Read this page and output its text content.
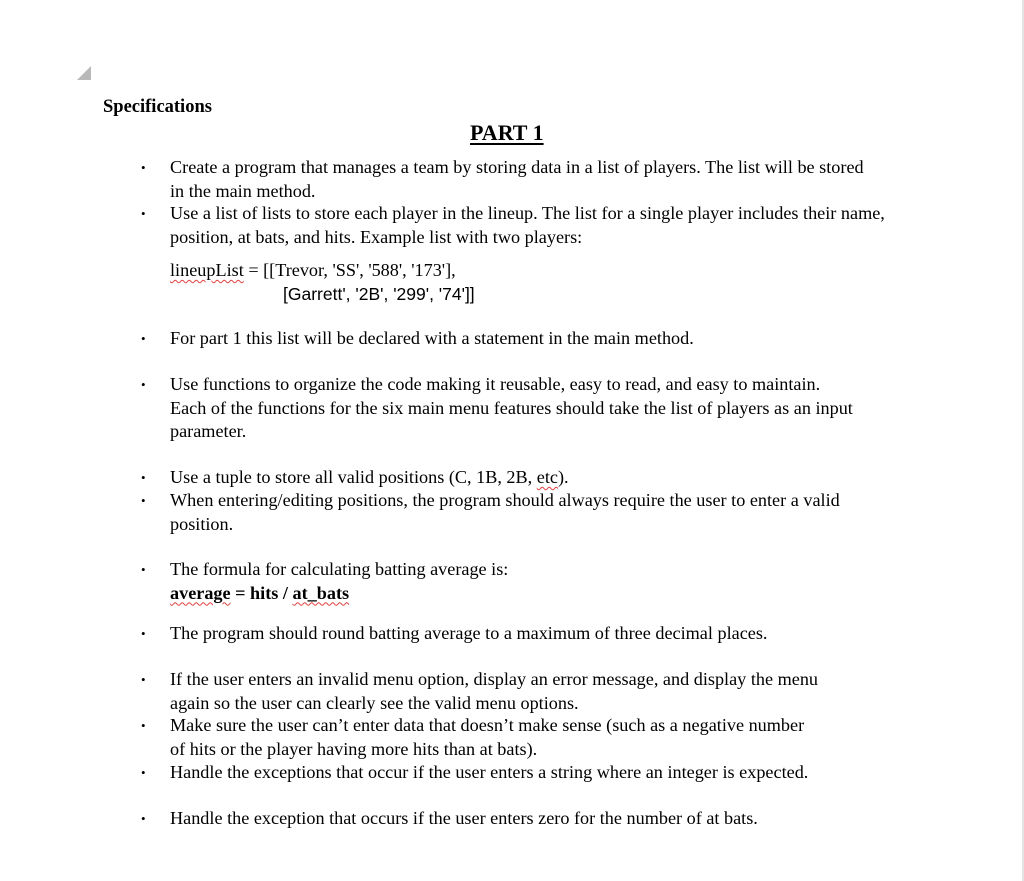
Specifications
PART 1
• Create a program that manages a team by storing data in a list of players. The list will be stored in the main method.
• Use a list of lists to store each player in the lineup. The list for a single player includes their name, position, at bats, and hits. Example list with two players:
lineupList = [[Trevor, 'SS', '588', '173'],
[Garrett', '2B', '299', '74']]
• For part 1 this list will be declared with a statement in the main method.
• Use functions to organize the code making it reusable, easy to read, and easy to maintain. Each of the functions for the six main menu features should take the list of players as an input parameter.
• Use a tuple to store all valid positions (C, 1B, 2B, etc).
• When entering/editing positions, the program should always require the user to enter a valid position.
• The formula for calculating batting average is:
average = hits / at_bats
• The program should round batting average to a maximum of three decimal places.
• If the user enters an invalid menu option, display an error message, and display the menu again so the user can clearly see the valid menu options.
• Make sure the user can’t enter data that doesn’t make sense (such as a negative number of hits or the player having more hits than at bats).
• Handle the exceptions that occur if the user enters a string where an integer is expected.
• Handle the exception that occurs if the user enters zero for the number of at bats.
